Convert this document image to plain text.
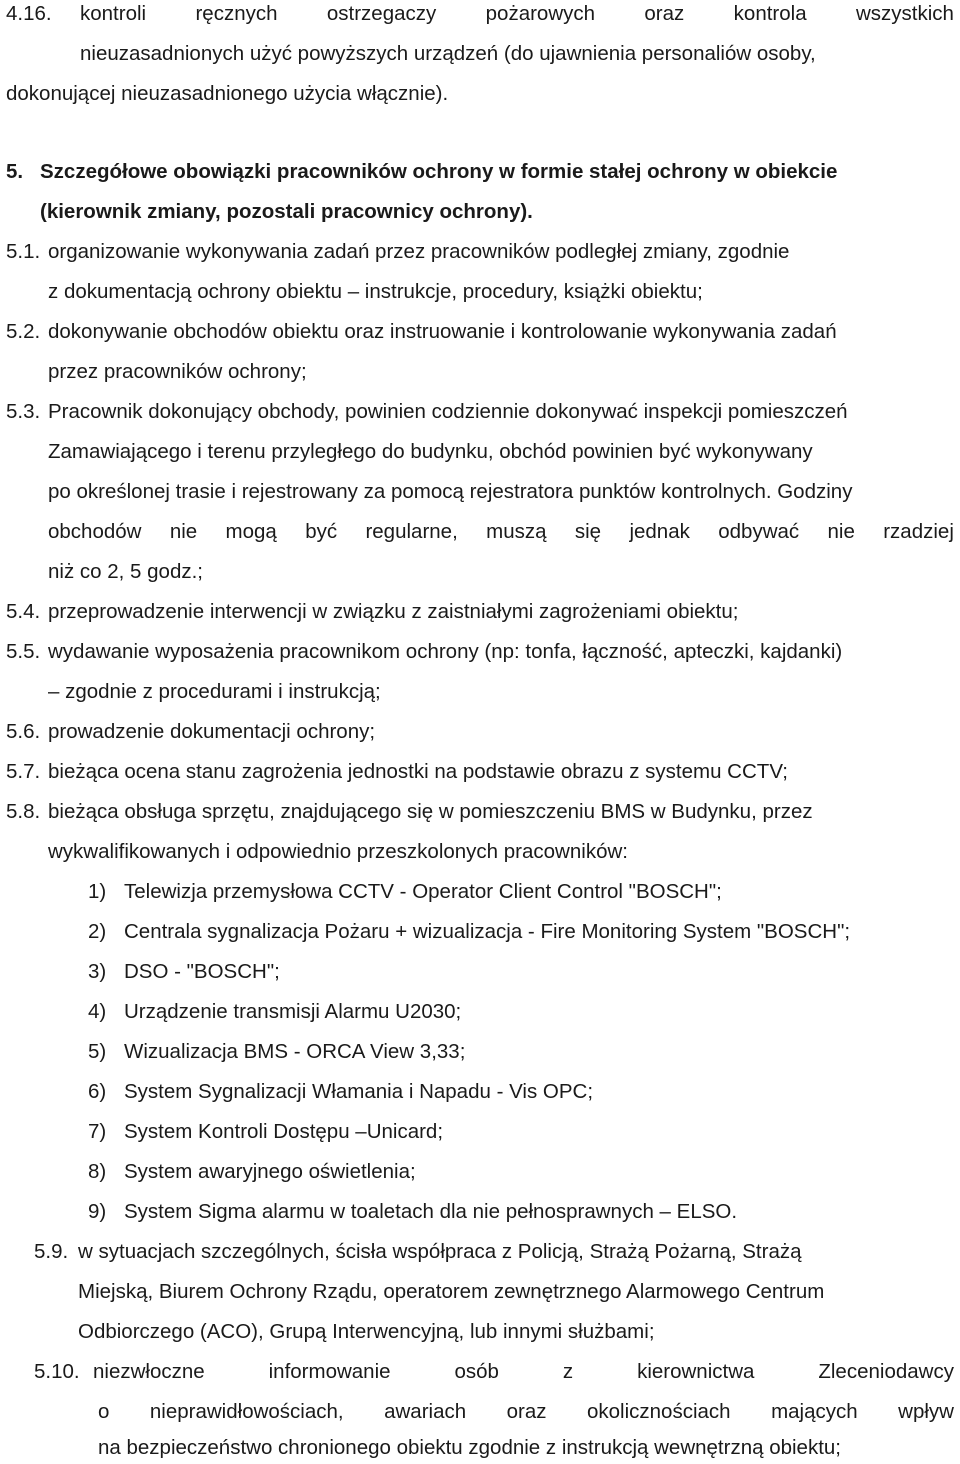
4.16. kontroli ręcznych ostrzegaczy pożarowych oraz kontrola wszystkich
nieuzasadnionych użyć powyższych urządzeń (do ujawnienia personaliów osoby,
dokonującej nieuzasadnionego użycia włącznie).
5. Szczegółowe obowiązki pracowników ochrony w formie stałej ochrony w obiekcie
(kierownik zmiany, pozostali pracownicy ochrony).
5.1. organizowanie wykonywania zadań przez pracowników podległej zmiany, zgodnie
z dokumentacją ochrony obiektu – instrukcje, procedury, książki obiektu;
5.2. dokonywanie obchodów obiektu oraz instruowanie i kontrolowanie wykonywania zadań
przez pracowników ochrony;
5.3. Pracownik dokonujący obchody, powinien codziennie dokonywać inspekcji pomieszczeń
Zamawiającego i terenu przyległego do budynku, obchód powinien być wykonywany
po określonej trasie i rejestrowany za pomocą rejestratora punktów kontrolnych. Godziny
obchodów nie mogą być regularne, muszą się jednak odbywać nie rzadziej
niż co 2, 5 godz.;
5.4. przeprowadzenie interwencji w związku z zaistniałymi zagrożeniami obiektu;
5.5. wydawanie wyposażenia pracownikom ochrony (np: tonfa, łączność, apteczki, kajdanki)
– zgodnie z procedurami i instrukcją;
5.6. prowadzenie dokumentacji ochrony;
5.7. bieżąca ocena stanu zagrożenia jednostki na podstawie obrazu z systemu CCTV;
5.8. bieżąca obsługa sprzętu, znajdującego się w pomieszczeniu BMS w Budynku, przez
wykwalifikowanych i odpowiednio przeszkolonych pracowników:
1) Telewizja przemysłowa CCTV - Operator Client Control "BOSCH";
2) Centrala sygnalizacja Pożaru + wizualizacja - Fire Monitoring System "BOSCH";
3) DSO - "BOSCH";
4) Urządzenie transmisji Alarmu U2030;
5) Wizualizacja BMS - ORCA View 3,33;
6) System Sygnalizacji Włamania i Napadu - Vis OPC;
7) System Kontroli Dostępu –Unicard;
8) System awaryjnego oświetlenia;
9) System Sigma alarmu w toaletach dla nie pełnosprawnych – ELSO.
5.9. w sytuacjach szczególnych, ścisła współpraca z Policją, Strażą Pożarną, Strażą
Miejską, Biurem Ochrony Rządu, operatorem zewnętrznego Alarmowego Centrum
Odbiorczego (ACO), Grupą Interwencyjną, lub innymi służbami;
5.10. niezwłoczne	informowanie	osób	z	kierownictwa	Zleceniodawcy
o nieprawidłowościach, awariach oraz okolicznościach mających wpływ
na bezpieczeństwo chronionego obiektu zgodnie z instrukcją wewnętrzną obiektu;
